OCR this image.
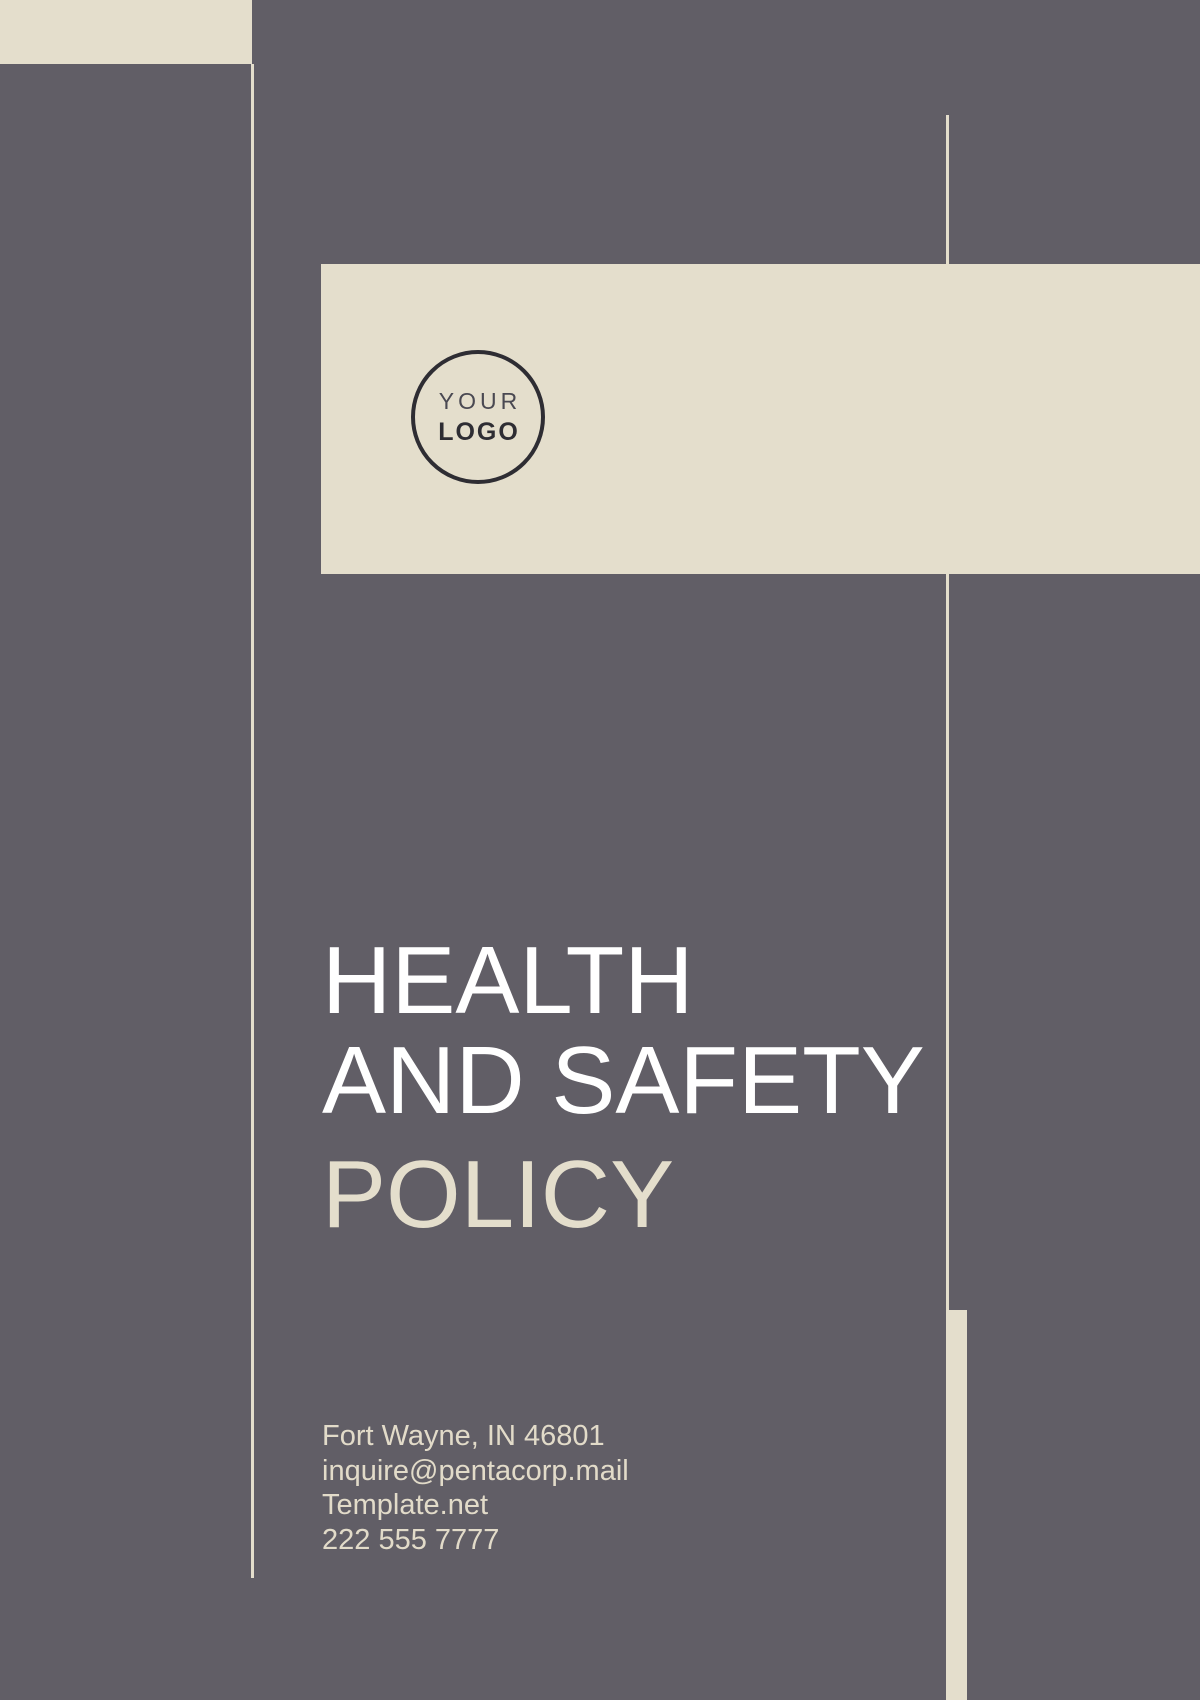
YOUR
LOGO
HEALTH
AND SAFETY
POLICY
Fort Wayne, IN 46801
inquire@pentacorp.mail
Template.net
222 555 7777
